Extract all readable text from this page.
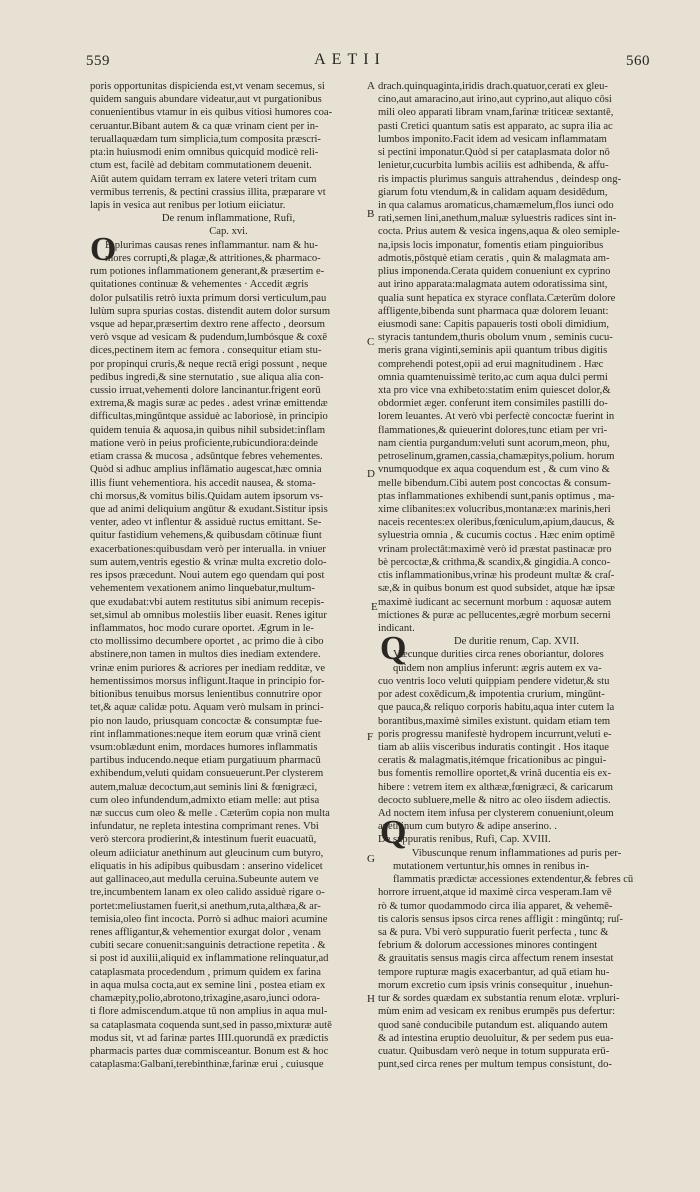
559	AETII	560

poris opportunitas dispicienda est,vt venam secemus, si

quidem sanguis abundare videatur,aut vt purgationibus

conuenientibus vtamur in eis quibus vitiosi humores coa-

ceruantur.Bibant autem & ca quæ vrinam cient per in-

teruallaquædam tum simplicia,tum composita præscri-

pta:in huiusmodi enim omnibus quicquid modicè reli-

ctum est, facilè ad debitam commutationem deuenit.

Aiūt autem quidam terram ex latere veteri tritam cum

vermibus terrenis, & pectini crassius illita, præparare vt

lapis in vesica aut renibus per lotium eiiciatur.

De renum inflammatione, Rufi,

Cap. xvi.

B plurimas causas renes inflammantur. nam & hu-

mores corrupti,& plagæ,& attritiones,& pharmaco-

rum potiones inflammationem generant,& præsertim e-

quitationes continuæ & vehementes · Accedit ægris

dolor pulsatilis retrò iuxta primum dorsi verticulum,pau

lulùm supra spurias costas. distendit autem dolor sursum

vsque ad hepar,præsertim dextro rene affecto , deorsum

verò vsque ad vesicam & pudendum,lumbósque & coxē

dices,pectinem item ac femora . consequitur etiam stu-

por propinqui cruris,& neque rectā erigi possunt , neque

pedibus ingredi,& sine sternutatio , sue aliqua alia con-

cussio irruat,vehementi dolore lancinantur.frigent eorū

extrema,& magis suræ ac pedes . adest vrinæ emittendæ

difficultas,mingūntque assiduè ac laboriosè, in principio

quidem tenuia & aquosa,in quibus nihil subsidet:inflam

matione verò in peius proficiente,rubicundiora:deinde

etiam crassa & mucosa , adsūntque febres vehementes.

Quòd si adhuc amplius inflāmatio augescat,hæc omnia

illis fiunt vehementiora. his accedit nausea, & stoma-

chi morsus,& vomitus bilis.Quidam autem ipsorum vs-

que ad animi deliquium angūtur & exudant.Sistitur ipsis

venter, adeo vt inflentur & assiduè ructus emittant. Se-

quitur fastidium vehemens,& quibusdam cōtinuæ fiunt

exacerbationes:quibusdam verò per interualla. in vniuer

sum autem,ventris egestio & vrinæ multa excretio dolo-

res ipsos præcedunt. Noui autem ego quendam qui post

vehementem vexationem animo linquebatur,multum-

que exudabat:vbi autem restitutus sibi animum recepis-

set,simul ab omnibus molestiis liber euasit. Renes igitur

inflammatos, hoc modo curare oportet. Ægrum in le-

cto mollissimo decumbere oportet , ac primo die à cibo

abstinere,non tamen in multos dies inediam extendere.

vrinæ enim puriores & acriores per inediam redditæ, ve

hementissimos morsus infligunt.Itaque in principio for-

bitionibus tenuibus morsus lenientibus connutrire opor

tet,& aquæ calidæ potu. Aquam verò mulsam in princi-

pio non laudo, priusquam concoctæ & consumptæ fue-

rint inflammationes:neque item eorum quæ vrinā cient

vsum:oblædunt enim, mordaces humores inflammatis

partibus inducendo.neque etiam purgatiuum pharmacū

exhibendum,veluti quidam consueuerunt.Per clysterem

autem,maluæ decoctum,aut seminis lini & fœnigræci,

cum oleo infundendum,admixto etiam melle: aut ptisa

næ succus cum oleo & melle . Cæterūm copia non multa

infundatur, ne repleta intestina comprimant renes. Vbi

verò stercora prodierint,& intestinum fuerit euacuatū,

oleum adiiciatur anethinum aut gleucinum cum butyro,

eliquatis in his adipibus quibusdam : anserino videlicet

aut gallinaceo,aut medulla ceruina.Subeunte autem ve

tre,incumbentem lanam ex oleo calido assiduè rigare o-

portet:meliustamen fuerit,si anethum,ruta,althæa,& ar-

temisia,oleo fint incocta. Porrò si adhuc maiori acumine

renes affligantur,& vehementior exurgat dolor , venam

cubiti secare conuenit:sanguinis detractione repetita . &

si post id auxilii,aliquid ex inflammatione relinquatur,ad

cataplasmata procedendum , primum quidem ex farina

in aqua mulsa cocta,aut ex semine lini , postea etiam ex

chamæpity,polio,abrotono,trixagine,asaro,iunci odora-

ti flore admiscendum.atque tū non amplius in aqua mul-

sa cataplasmata coquenda sunt,sed in passo,mixturæ autē

modus sit, vt ad farinæ partes IIII.quorundā ex prædictis

pharmacis partes duæ commisceantur. Bonum est & hoc

cataplasma:Galbani,terebinthinæ,farinæ erui , cuiusque

drach.quinquaginta,iridis drach.quatuor,cerati ex gleu-

cino,aut amaracino,aut irino,aut cyprino,aut aliquo cōsi

mili oleo apparati libram vnam,farinæ triticeæ sextantē,

pasti Cretici quantum satis est apparato, ac supra ilia ac

lumbos imponito.Facit idem ad vesicam inflammatam

si pectini imponatur.Quòd si per cataplasmata dolor nō

lenietur,cucurbita lumbis aciliis est adhibenda, & affu-

ris impactis plurimus sanguis attrahendus , deindesp ong-

giarum fotu vtendum,& in calidam aquam desidēdum,

in qua calamus aromaticus,chamæmelum,flos iunci odo

rati,semen lini,anethum,maluæ syluestris radices sint in-

cocta. Prius autem & vesica ingens,aqua & oleo semiple-

na,ipsis locis imponatur, fomentis etiam pinguioribus

admotis,pōstquè etiam ceratis , quin & malagmata am-

plius imponenda.Cerata quidem conueniunt ex cyprino

aut irino apparata:malagmata autem odoratissima sint,

qualia sunt hepatica ex styrace conflata.Cæterūm dolore

affligente,bibenda sunt pharmaca quæ dolorem leuant:

eiusmodi sane: Capitis papaueris tosti oboli dimidium,

styracis tantundem,thuris obolum vnum , seminis cucu-

meris grana viginti,seminis apii quantum tribus digitis

comprehendi potest,opii ad erui magnitudinem . Hæc

omnia quamtenuissimè terito,ac cum aqua dulci permi

xta pro vice vna exhibeto:statim enim quiescet dolor,&

obdormiet æger. conferunt item consimiles pastilli do-

lorem leuantes. At verò vbi perfectè concoctæ fuerint in

flammationes,& quieuerint dolores,tunc etiam per vri-

nam cientia purgandum:veluti sunt acorum,meon, phu,

petroselinum,gramen,cassia,chamæpitys,polium. horum

vnumquodque ex aqua coquendum est , & cum vino &

melle bibendum.Cibi autem post concoctas & consum-

ptas inflammationes exhibendi sunt,panis optimus , ma-

xime clibanites:ex volucribus,montanæ:ex marinis,heri

naceis recentes:ex oleribus,fœniculum,apium,daucus, &

syluestria omnia , & cucumis coctus . Hæc enim optimē

vrinam prolectāt:maximè verò id præstat pastinacæ pro

bè percoctæ,& crithma,& scandix,& gingidia.A conco-

ctis inflammationibus,vrinæ his prodeunt multæ & craſ-

sæ,& in quibus bonum est quod subsidet, atque hæ ipsæ

maximè iudicant ac secernunt morbum : aquosæ autem

mictiones & puræ ac pellucentes,ægrè morbum secerni

indicant.

De duritie renum, Cap. XVII.

Væcunque durities circa renes oboriantur, dolores

quidem non amplius inferunt: ægris autem ex va-

cuo ventris loco veluti quippiam pendere videtur,& stu

por adest coxēdicum,& impotentia crurium, mingūnt-

que pauca,& reliquo corporis habitu,aqua inter cutem la

borantibus,maximè similes existunt. quidam etiam tem

poris progressu manifestè hydropem incurrunt,veluti e-

tiam ab aliis visceribus induratis contingit . Hos itaque

ceratis & malagmatis,itémque fricationibus ac pingui-

bus fomentis remollire oportet,& vrinā ducentia eis ex-

hibere : vetrem item ex althææ,fœnigræci, & caricarum

decocto subluere,melle & nitro ac oleo iisdem adiectis.

Ad noctem item infusa per clysterem conueniunt,oleum

anethinum cum butyro & adipe anserino. .

De suppuratis renibus, Rufi, Cap. XVIII.

Vibuscunque renum inflammationes ad puris per-

mutationem vertuntur,his omnes in renibus in-

flammatis prædictæ accessiones extendentur,& febres cū

horrore irruent,atque id maximè circa vesperam.Iam vē

rò & tumor quodammodo circa ilia apparet, & vehemē-

tis caloris sensus ipsos circa renes affligit : mingūntq; ruſ-

sa & pura. Vbi verò suppuratio fuerit perfecta , tunc &

febrium & dolorum accessiones minores contingent

& grauitatis sensus magis circa affectum renem insestat

tempore rupturæ magis exacerbantur, ad quā etiam hu-

morum excretio cum ipsis vrinis consequitur , inuehun-

tur & sordes quædam ex substantia renum elotæ. vrpluri-

mùm enim ad vesicam ex renibus erumpēs pus defertur:

quod sanè conducibile putandum est. aliquando autem

& ad intestina eruptio deuoluitur, & per sedem pus eua-

cuatur. Quibusdam verò neque in totum suppurata erū-

punt,sed circa renes per multum tempus consistunt, do-

O
Q
Q
A
B
C
D
E
F
G
H
